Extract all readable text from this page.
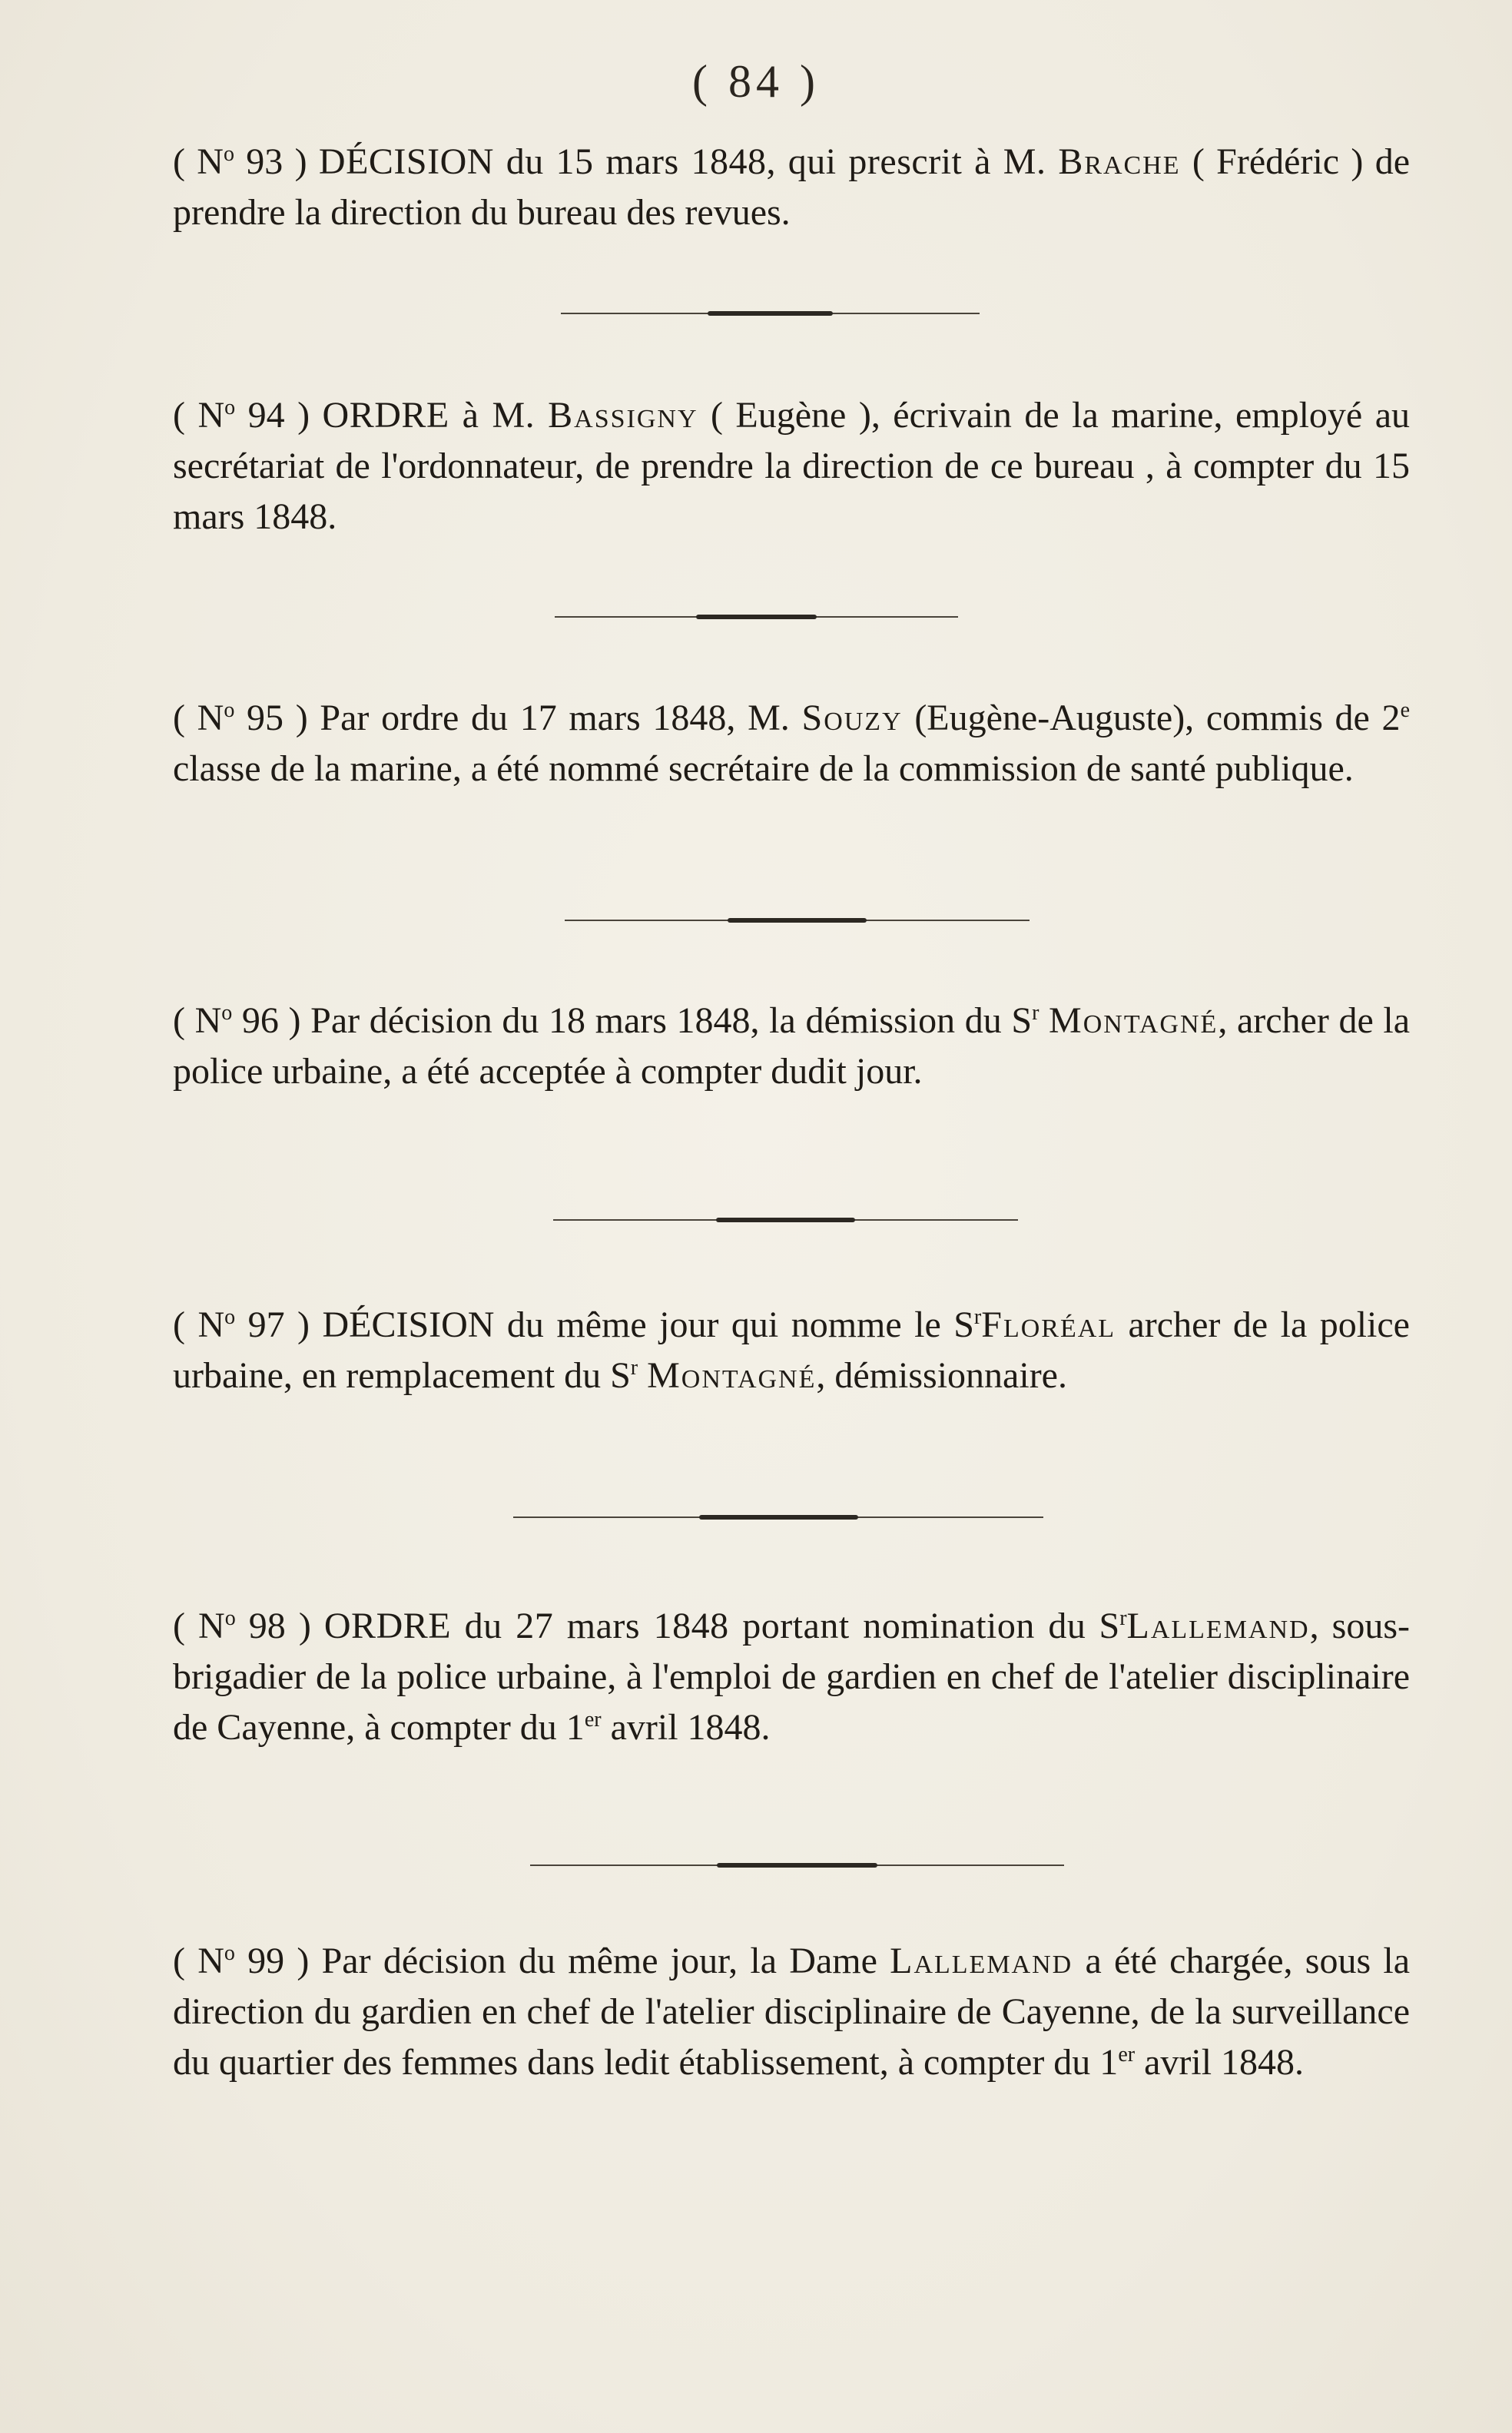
( 84 )

( $N^o$ 93 ) DÉCISION du 15 mars 1848, qui prescrit à M. Brache ( Frédéric ) de prendre la direction du bureau des revues.

( $N^o$ 94 ) ORDRE à M. Bassigny ( Eugène ), écrivain de la marine, employé au secrétariat de l'ordonnateur, de prendre la direction de ce bureau , à compter du 15 mars 1848.

( $N^o$ 95 ) Par ordre du 17 mars 1848, M. Souzy (Eugène-Auguste), commis de 2e classe de la marine, a été nommé secrétaire de la commission de santé publique.

( $N^o$ 96 ) Par décision du 18 mars 1848, la démission du $S^r$ Montagné, archer de la police urbaine, a été acceptée à compter dudit jour.

( $N^o$ 97 ) DÉCISION du même jour qui nomme le $S^rFloréal$ archer de la police urbaine, en remplacement du $S^r$ Montagné, démissionnaire.

( $N^o$ 98 ) ORDRE du 27 mars 1848 portant nomination du $S^rLallemand$, sous-brigadier de la police urbaine, à l'emploi de gardien en chef de l'atelier disciplinaire de Cayenne, à compter du 1er avril 1848.

( $N^o$ 99 ) Par décision du même jour, la Dame Lallemand a été chargée, sous la direction du gardien en chef de l'atelier disciplinaire de Cayenne, de la surveillance du quartier des femmes dans ledit établissement, à compter du 1er avril 1848.
